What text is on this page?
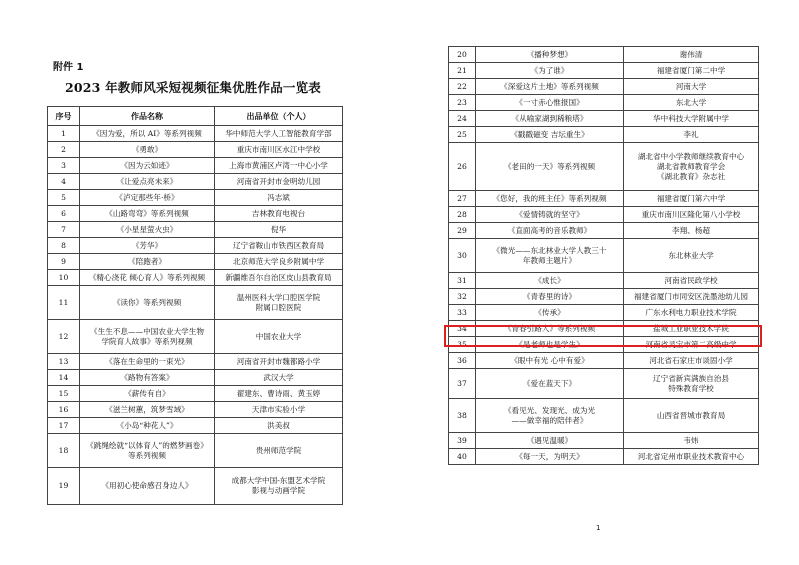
附件 1
2023 年教师风采短视频征集优胜作品一览表
序号	作品名称	出品单位（个人）
1	《因为爱，所以 AI》等系列视频	华中师范大学人工智能教育学部
2	《勇敢》	重庆市南川区水江中学校
3	《因为云如迹》	上海市黄浦区卢湾一中心小学
4	《让爱点亮未来》	河南省开封市金明幼儿园
5	《泸定那些年·桥》	冯志斌
6	《山路弯弯》等系列视频	吉林教育电视台
7	《小星星萤火虫》	倪华
8	《芳华》	辽宁省鞍山市铁西区教育局
9	《陪跑者》	北京师范大学良乡附属中学
10	《精心浇花 倾心育人》等系列视频	新疆维吾尔自治区皮山县教育局
11	《读你》等系列视频	温州医科大学口腔医学院
附属口腔医院
12	《生生不息——中国农业大学生物
学院育人故事》等系列视频	中国农业大学
13	《落在生命里的一束光》	河南省开封市魏都路小学
14	《路物有答案》	武汉大学
15	《薪传有自》	翟建东、曹诗雨、黄玉婷
16	《滋兰树蕙，筑梦雪域》	天津市实验小学
17	《小岛“种花人”》	洪美叔
18	《跳绳绘就“以体育人”的燃梦画卷》
等系列视频	贵州师范学院
19	《用初心使命感召身边人》	成都大学中国-东盟艺术学院
影视与动画学院
20	《播种梦想》	谢伟清
21	《为了谁》	福建省厦门第二中学
22	《深爱这片土地》等系列视频	河南大学
23	《一寸赤心惟报国》	东北大学
24	《从喻家湖到稀粮塔》	华中科技大学附属中学
25	《戳戳磁变 吉坛重生》	李礼
26	《老田的一天》等系列视频	湖北省中小学教师继续教育中心
湖北省教师教育学会
《湖北教育》杂志社
27	《您好，我的班主任》等系列视频	福建省厦门第六中学
28	《爱情铸就的坚守》	重庆市南川区隆化第八小学校
29	《直面高考的音乐教师》	李翔、杨超
30	《微光——东北林业大学人教三十
年教师主题片》	东北林业大学
31	《成长》	河南省民政学校
32	《青春里的诗》	福建省厦门市同安区洗墨池幼儿园
33	《传承》	广东水利电力职业技术学院
34	《青春引路人》等系列视频	盐城工业职业技术学院
35	《是老师也是学生》	河南省灵宝市第二高级中学
36	《眼中有光 心中有爱》	河北省石家庄市谈固小学
37	《爱在蓝天下》	辽宁省新宾满族自治县
特殊教育学校
38	《看见光、发现光、成为光
——做幸福的陪伴者》	山西省晋城市教育局
39	《遇见温暖》	韦炜
40	《每一天，为明天》	河北省定州市职业技术教育中心
1
